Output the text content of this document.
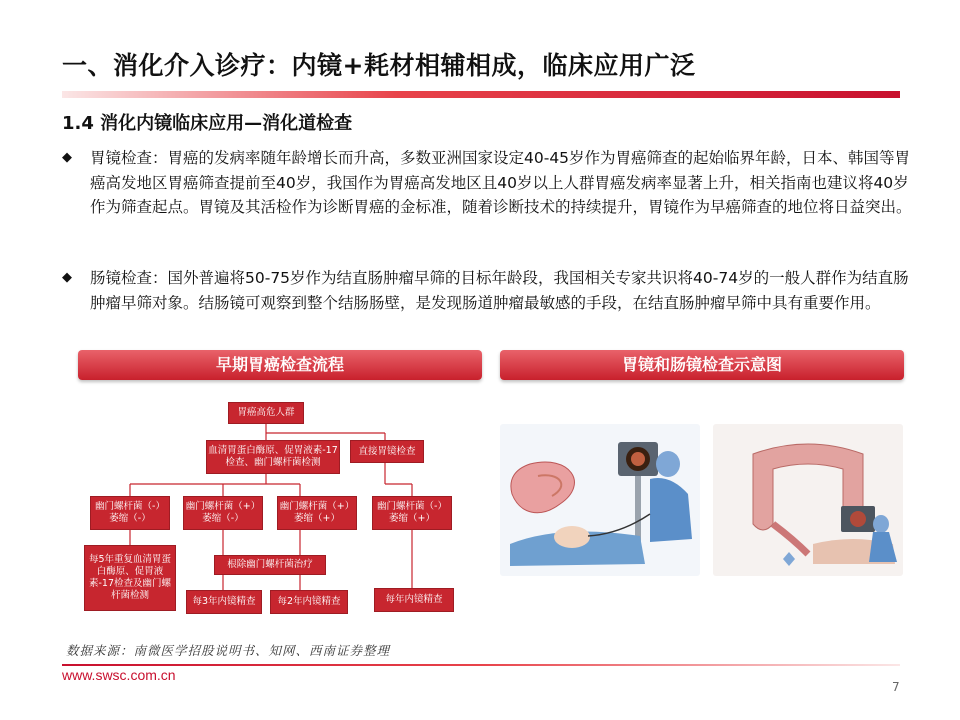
一、消化介入诊疗：内镜+耗材相辅相成，临床应用广泛
1.4 消化内镜临床应用—消化道检查
◆ 胃镜检查：胃癌的发病率随年龄增长而升高，多数亚洲国家设定40-45岁作为胃癌筛查的起始临界年龄，日本、韩国等胃癌高发地区胃癌筛查提前至40岁，我国作为胃癌高发地区且40岁以上人群胃癌发病率显著上升，相关指南也建议将40岁作为筛查起点。胃镜及其活检作为诊断胃癌的金标准，随着诊断技术的持续提升，胃镜作为早癌筛查的地位将日益突出。
◆ 肠镜检查：国外普遍将50-75岁作为结直肠肿瘤早筛的目标年龄段，我国相关专家共识将40-74岁的一般人群作为结直肠肿瘤早筛对象。结肠镜可观察到整个结肠肠壁，是发现肠道肿瘤最敏感的手段，在结直肠肿瘤早筛中具有重要作用。
早期胃癌检查流程	胃镜和肠镜检查示意图
胃癌高危人群
血清胃蛋白酶原、促胃液素-17检查、幽门螺杆菌检测
直接胃镜检查
幽门螺杆菌（-）萎缩（-）
幽门螺杆菌（+）萎缩（-）
幽门螺杆菌（+）萎缩（+）
幽门螺杆菌（-）萎缩（+）
每5年重复血清胃蛋白酶原、促胃液素-17检查及幽门螺杆菌检测
根除幽门螺杆菌治疗
每3年内镜精查	每2年内镜精查	每年内镜精查
数据来源：南微医学招股说明书、知网、西南证券整理
www.swsc.com.cn
7
